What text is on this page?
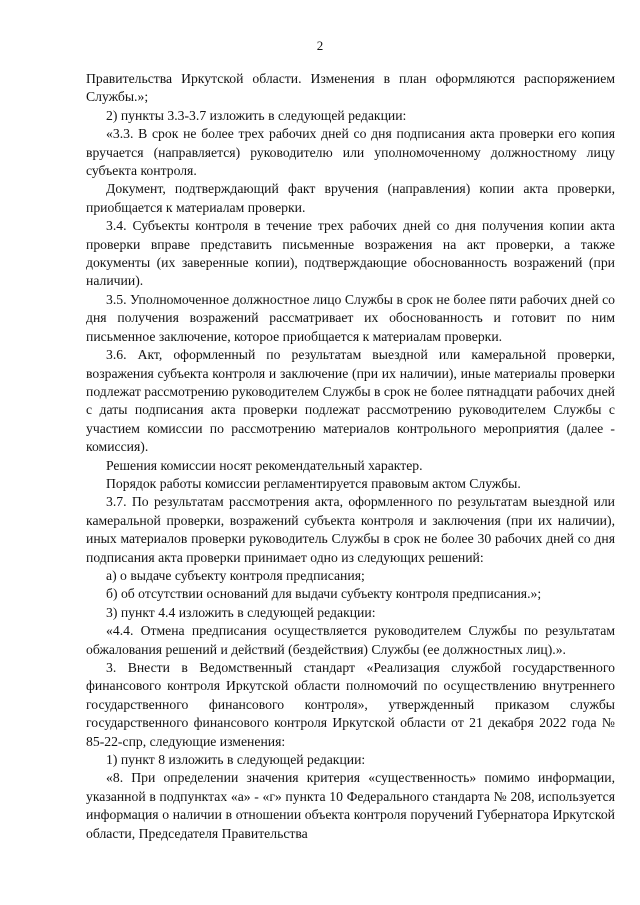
2

Правительства Иркутской области. Изменения в план оформляются распоряжением Службы.»;

2) пункты 3.3-3.7 изложить в следующей редакции:

«3.3. В срок не более трех рабочих дней со дня подписания акта проверки его копия вручается (направляется) руководителю или уполномоченному должностному лицу субъекта контроля.

Документ, подтверждающий факт вручения (направления) копии акта проверки, приобщается к материалам проверки.

3.4. Субъекты контроля в течение трех рабочих дней со дня получения копии акта проверки вправе представить письменные возражения на акт проверки, а также документы (их заверенные копии), подтверждающие обоснованность возражений (при наличии).

3.5. Уполномоченное должностное лицо Службы в срок не более пяти рабочих дней со дня получения возражений рассматривает их обоснованность и готовит по ним письменное заключение, которое приобщается к материалам проверки.

3.6. Акт, оформленный по результатам выездной или камеральной проверки, возражения субъекта контроля и заключение (при их наличии), иные материалы проверки подлежат рассмотрению руководителем Службы в срок не более пятнадцати рабочих дней с даты подписания акта проверки подлежат рассмотрению руководителем Службы с участием комиссии по рассмотрению материалов контрольного мероприятия (далее - комиссия).

Решения комиссии носят рекомендательный характер.

Порядок работы комиссии регламентируется правовым актом Службы.

3.7. По результатам рассмотрения акта, оформленного по результатам выездной или камеральной проверки, возражений субъекта контроля и заключения (при их наличии), иных материалов проверки руководитель Службы в срок не более 30 рабочих дней со дня подписания акта проверки принимает одно из следующих решений:

а) о выдаче субъекту контроля предписания;

б) об отсутствии оснований для выдачи субъекту контроля предписания.»;

3) пункт 4.4 изложить в следующей редакции:

«4.4. Отмена предписания осуществляется руководителем Службы по результатам обжалования решений и действий (бездействия) Службы (ее должностных лиц).».

3. Внести в Ведомственный стандарт «Реализация службой государственного финансового контроля Иркутской области полномочий по осуществлению внутреннего государственного финансового контроля», утвержденный приказом службы государственного финансового контроля Иркутской области от 21 декабря 2022 года № 85-22-спр, следующие изменения:

1) пункт 8 изложить в следующей редакции:

«8. При определении значения критерия «существенность» помимо информации, указанной в подпунктах «а» - «г» пункта 10 Федерального стандарта № 208, используется информация о наличии в отношении объекта контроля поручений Губернатора Иркутской области, Председателя Правительства
